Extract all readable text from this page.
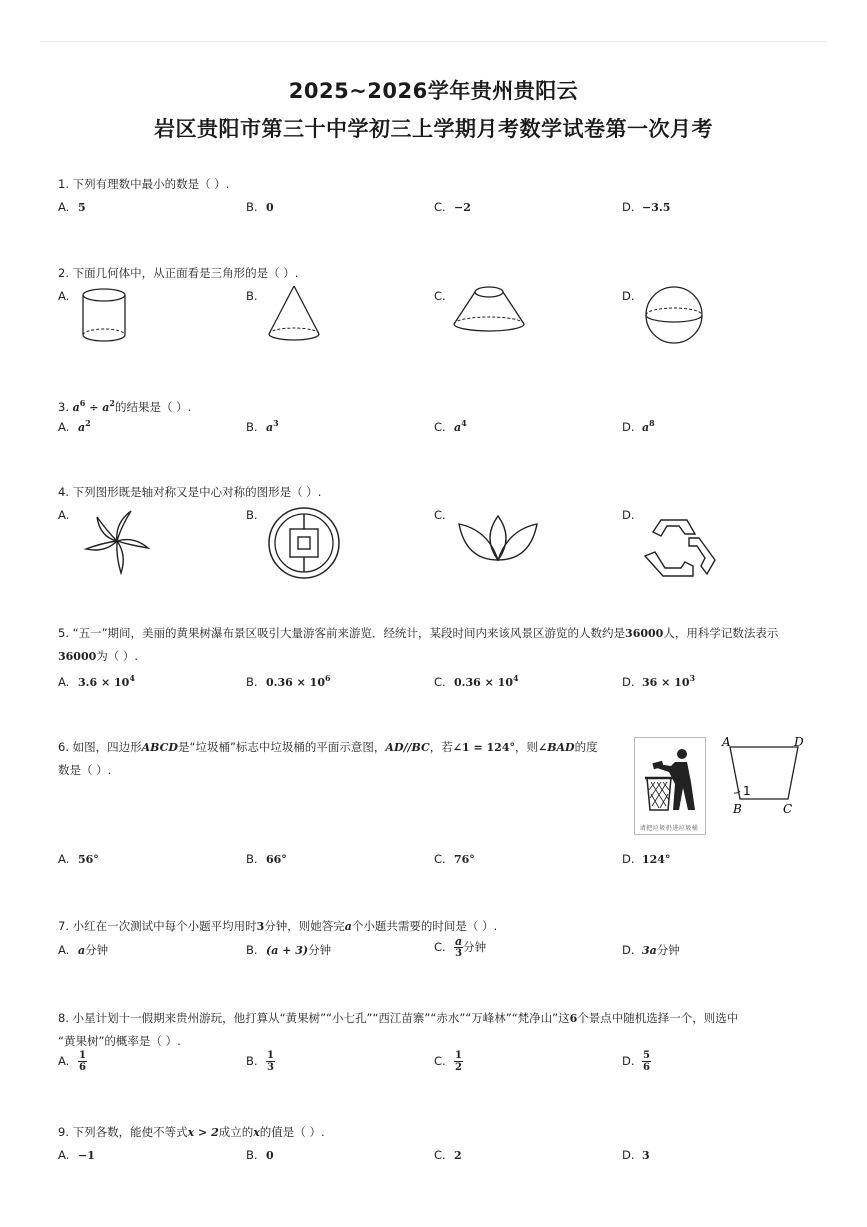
2025~2026学年贵州贵阳云
岩区贵阳市第三十中学初三上学期月考数学试卷第一次月考
1. 下列有理数中最小的数是（ ）.
A. 5	B. 0	C. −2	D. −3.5
2. 下面几何体中，从正面看是三角形的是（ ）.
A.	B.	C.	D.
3. $a^6 \div a^2$的结果是（ ）.
A. $a^2$	B. $a^3$	C. $a^4$	D. $a^8$
4. 下列图形既是轴对称又是中心对称的图形是（ ）.
A.	B.	C.	D.
5. “五一”期间，美丽的黄果树瀑布景区吸引大量游客前来游览．经统计，某段时间内来该风景区游览的人数约是36000人，用科学记数法表示
36000为（ ）.
A. $3.6 \times 10^4$	B. $0.36 \times 10^6$	C. $0.36 \times 10^4$	D. $36 \times 10^3$
6. 如图，四边形ABCD是“垃圾桶”标志中垃圾桶的平面示意图，AD//BC，若∠1 = 124°，则∠BAD的度
数是（ ）.
请把垃圾扔进垃圾桶
A	D
B	C
1
A. 56°	B. 66°	C. 76°	D. 124°
7. 小红在一次测试中每个小题平均用时3分钟，则她答完a个小题共需要的时间是（ ）.
A. a分钟	B. (a + 3)分钟	C. $\frac{a}{3}$ 分钟	D. 3a分钟
8. 小星计划十一假期来贵州游玩，他打算从“黄果树”“小七孔”“西江苗寨”“赤水”“万峰林”“梵净山”这6个景点中随机选择一个，则选中
“黄果树”的概率是（ ）.
A. $\frac{1}{6}$	B. $\frac{1}{3}$	C. $\frac{1}{2}$	D. $\frac{5}{6}$
9. 下列各数，能使不等式x > 2成立的x的值是（ ）.
A. −1	B. 0	C. 2	D. 3
